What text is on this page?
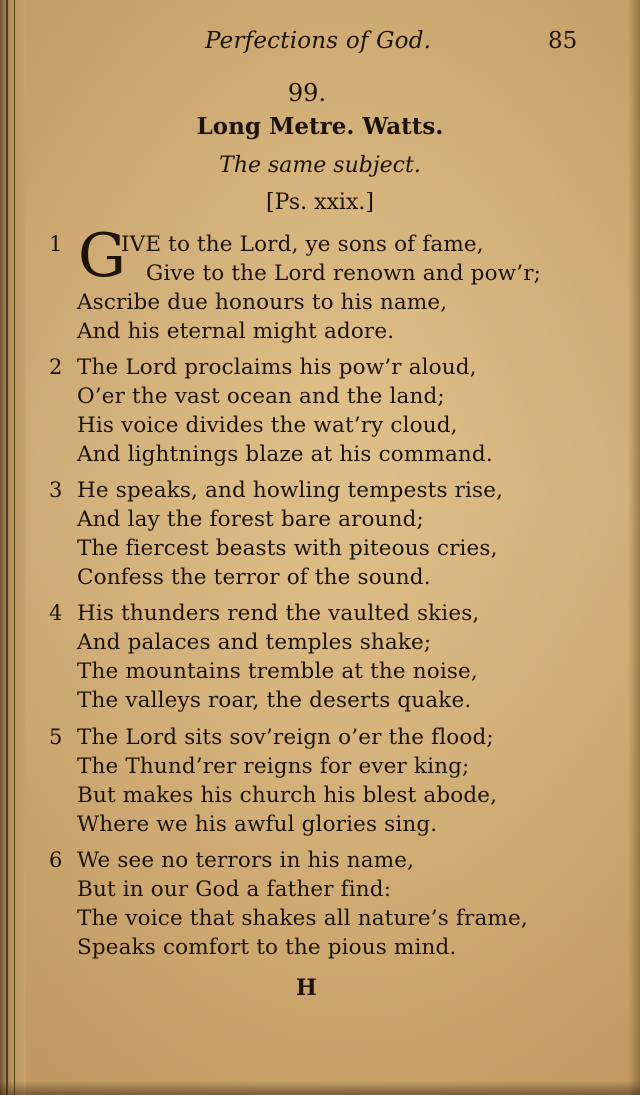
Perfections of God.	85
99.
Long Metre. Watts.
The same subject.
[Ps. xxix.]
1 G
IVE to the Lord, ye sons of fame,
Give to the Lord renown and pow’r;
Ascribe due honours to his name,
And his eternal might adore.
2 The Lord proclaims his pow’r aloud,
O’er the vast ocean and the land;
His voice divides the wat’ry cloud,
And lightnings blaze at his command.
3 He speaks, and howling tempests rise,
And lay the forest bare around;
The fiercest beasts with piteous cries,
Confess the terror of the sound.
4 His thunders rend the vaulted skies,
And palaces and temples shake;
The mountains tremble at the noise,
The valleys roar, the deserts quake.
5 The Lord sits sov’reign o’er the flood;
The Thund’rer reigns for ever king;
But makes his church his blest abode,
Where we his awful glories sing.
6 We see no terrors in his name,
But in our God a father find:
The voice that shakes all nature’s frame,
Speaks comfort to the pious mind.
H
